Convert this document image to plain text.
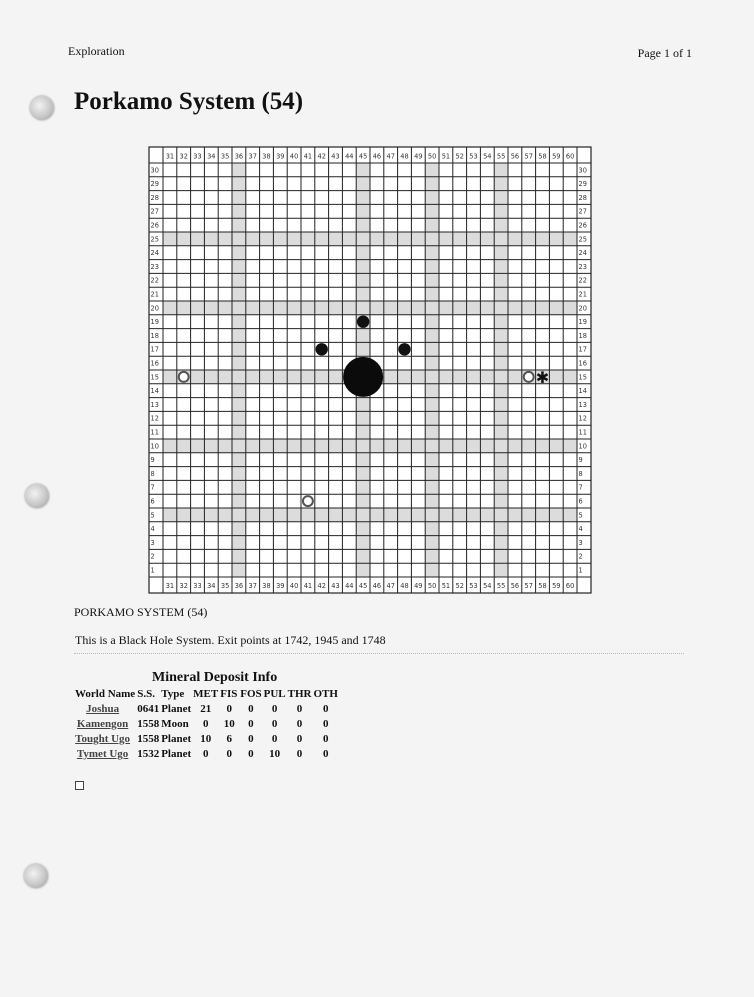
Exploration	Page 1 of 1
Porkamo System (54)
31
31
32
32
33
33
34
34
35
35
36
36
37
37
38
38
39
39
40
40
41
41
42
42
43
43
44
44
45
45
46
46
47
47
48
48
49
49
50
50
51
51
52
52
53
53
54
54
55
55
56
56
57
57
58
58
59
59
60
60
1	1
2	2
3	3
4	4
5	5
6	6
7	7
8	8
9	9
10	10
11	11
12	12
13	13
14	14
15	15
16	16
17	17
18	18
19	19
20	20
21	21
22	22
23	23
24	24
25	25
26	26
27	27
28	28
29	29
30	30
✱
PORKAMO SYSTEM (54)
This is a Black Hole System. Exit points at 1742, 1945 and 1748
Mineral Deposit Info
World Name	S.S.	Type	MET	FIS	FOS	PUL	THR	OTH
Joshua	0641	Planet	21	0	0	0	0	0
Kamengon	1558	Moon	0	10	0	0	0	0
Tought Ugo	1558	Planet	10	6	0	0	0	0
Tymet Ugo	1532	Planet	0	0	0	10	0	0
